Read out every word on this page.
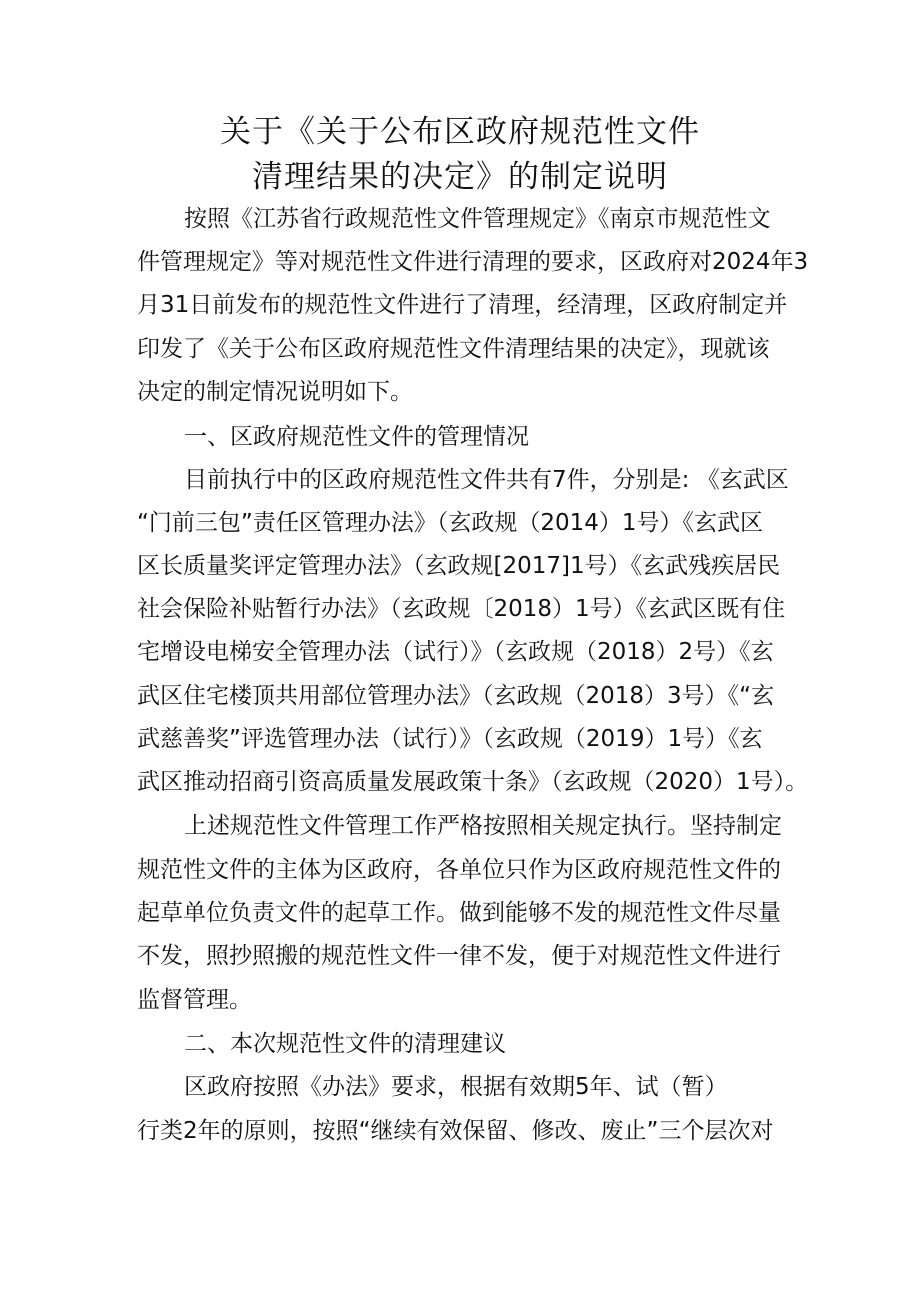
关于《关于公布区政府规范性文件
清理结果的决定》的制定说明
按照《江苏省行政规范性文件管理规定》《南京市规范性文
件管理规定》等对规范性文件进行清理的要求，区政府对2024年3
月31日前发布的规范性文件进行了清理，经清理，区政府制定并
印发了《关于公布区政府规范性文件清理结果的决定》，现就该
决定的制定情况说明如下。
一、区政府规范性文件的管理情况
目前执行中的区政府规范性文件共有7件，分别是: 《玄武区
“门前三包”责任区管理办法》（玄政规（2014）1号）《玄武区
区长质量奖评定管理办法》（玄政规[2017]1号）《玄武残疾居民
社会保险补贴暂行办法》（玄政规〔2018）1号）《玄武区既有住
宅增设电梯安全管理办法（试行）》（玄政规（2018）2号）《玄
武区住宅楼顶共用部位管理办法》（玄政规（2018）3号）《“玄
武慈善奖”评选管理办法（试行）》（玄政规（2019）1号）《玄
武区推动招商引资高质量发展政策十条》（玄政规（2020）1号）。
上述规范性文件管理工作严格按照相关规定执行。坚持制定
规范性文件的主体为区政府，各单位只作为区政府规范性文件的
起草单位负责文件的起草工作。做到能够不发的规范性文件尽量
不发，照抄照搬的规范性文件一律不发，便于对规范性文件进行
监督管理。
二、本次规范性文件的清理建议
区政府按照《办法》要求，根据有效期5年、试（暂）
行类2年的原则，按照“继续有效保留、修改、废止”三个层次对
